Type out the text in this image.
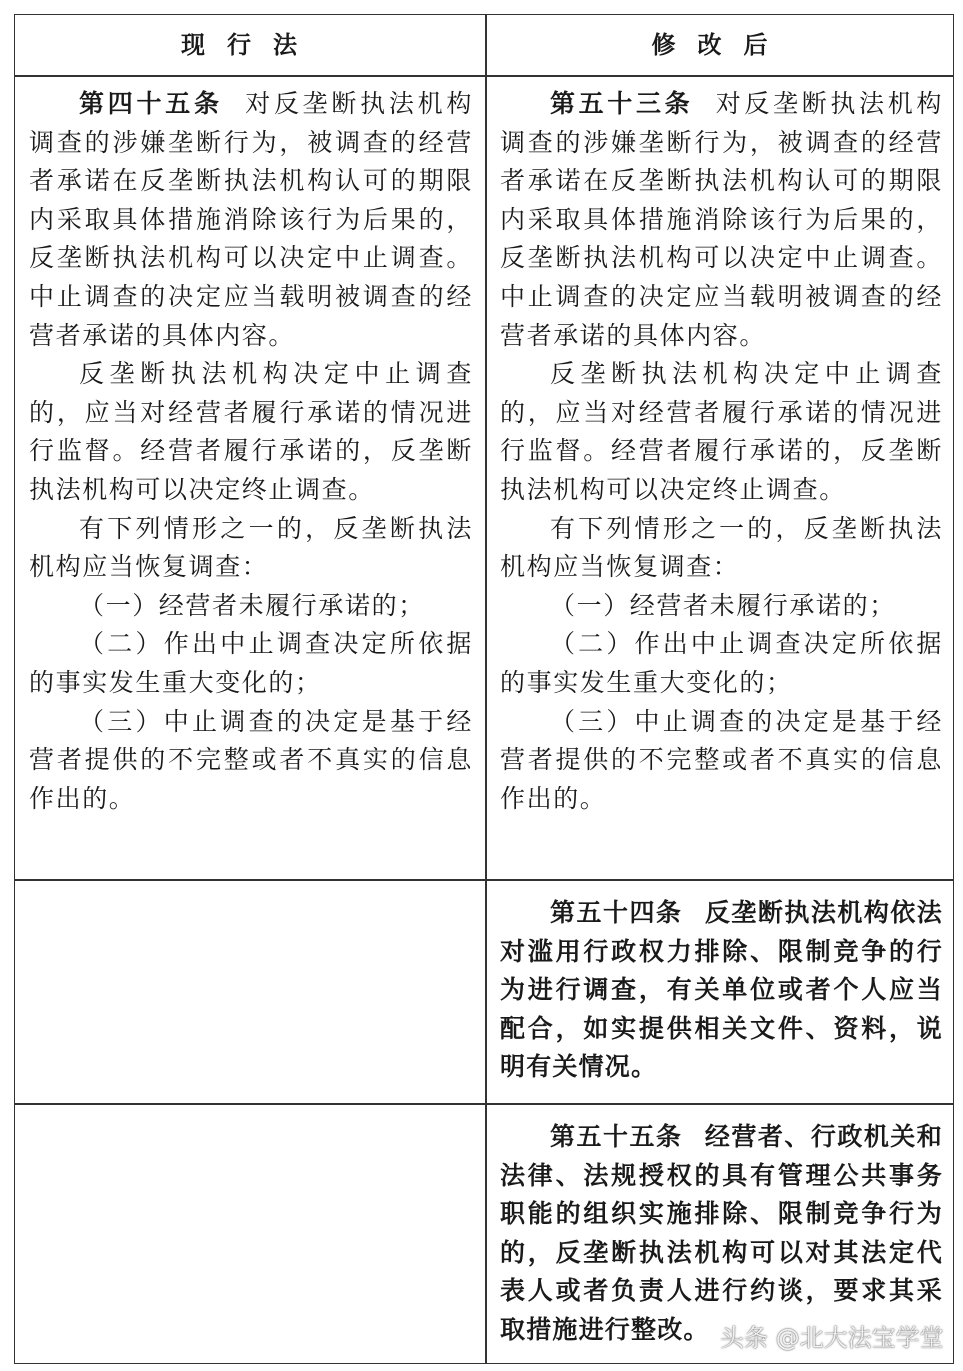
现行法	修改后

第四十五条 对反垄断执法机构调查的涉嫌垄断行为，被调查的经营者承诺在反垄断执法机构认可的期限内采取具体措施消除该行为后果的，反垄断执法机构可以决定中止调查。中止调查的决定应当载明被调查的经营者承诺的具体内容。

反垄断执法机构决定中止调查的，应当对经营者履行承诺的情况进行监督。经营者履行承诺的，反垄断执法机构可以决定终止调查。

有下列情形之一的，反垄断执法机构应当恢复调查：

（一）经营者未履行承诺的；

（二）作出中止调查决定所依据的事实发生重大变化的；

（三）中止调查的决定是基于经营者提供的不完整或者不真实的信息作出的。

第五十三条 对反垄断执法机构调查的涉嫌垄断行为，被调查的经营者承诺在反垄断执法机构认可的期限内采取具体措施消除该行为后果的，反垄断执法机构可以决定中止调查。中止调查的决定应当载明被调查的经营者承诺的具体内容。

反垄断执法机构决定中止调查的，应当对经营者履行承诺的情况进行监督。经营者履行承诺的，反垄断执法机构可以决定终止调查。

有下列情形之一的，反垄断执法机构应当恢复调查：

（一）经营者未履行承诺的；

（二）作出中止调查决定所依据的事实发生重大变化的；

（三）中止调查的决定是基于经营者提供的不完整或者不真实的信息作出的。

第五十四条 反垄断执法机构依法对滥用行政权力排除、限制竞争的行为进行调查，有关单位或者个人应当配合，如实提供相关文件、资料，说明有关情况。

第五十五条 经营者、行政机关和法律、法规授权的具有管理公共事务职能的组织实施排除、限制竞争行为的，反垄断执法机构可以对其法定代表人或者负责人进行约谈，要求其采取措施进行整改。 头条 @北大法宝学堂
